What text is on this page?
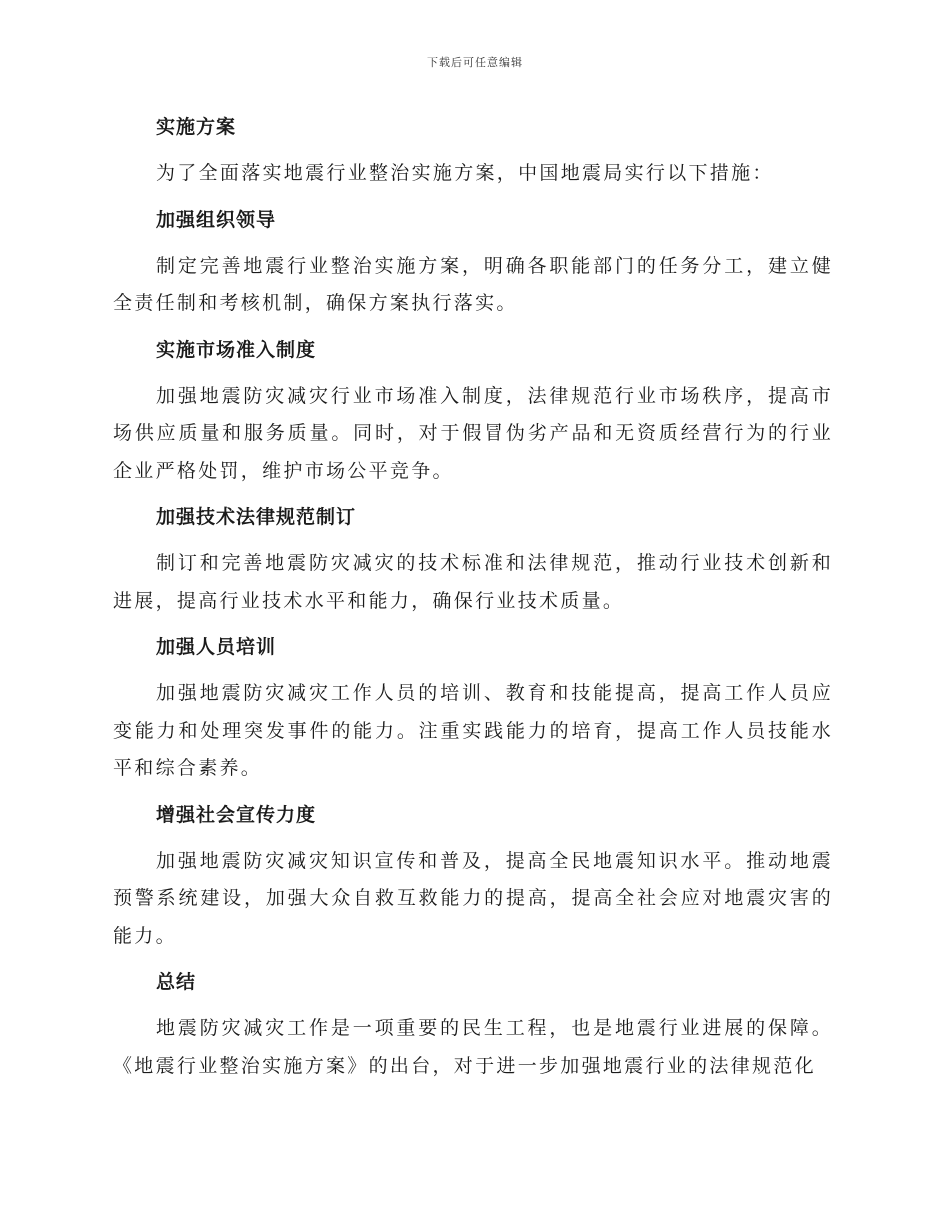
下载后可任意编辑
实施方案

为了全面落实地震行业整治实施方案，中国地震局实行以下措施：

加强组织领导

制定完善地震行业整治实施方案，明确各职能部门的任务分工，建立健全责任制和考核机制，确保方案执行落实。

实施市场准入制度

加强地震防灾减灾行业市场准入制度，法律规范行业市场秩序，提高市场供应质量和服务质量。同时，对于假冒伪劣产品和无资质经营行为的行业企业严格处罚，维护市场公平竞争。

加强技术法律规范制订

制订和完善地震防灾减灾的技术标准和法律规范，推动行业技术创新和进展，提高行业技术水平和能力，确保行业技术质量。

加强人员培训

加强地震防灾减灾工作人员的培训、教育和技能提高，提高工作人员应变能力和处理突发事件的能力。注重实践能力的培育，提高工作人员技能水平和综合素养。

增强社会宣传力度

加强地震防灾减灾知识宣传和普及，提高全民地震知识水平。推动地震预警系统建设，加强大众自救互救能力的提高，提高全社会应对地震灾害的能力。

总结

地震防灾减灾工作是一项重要的民生工程，也是地震行业进展的保障。《地震行业整治实施方案》的出台，对于进一步加强地震行业的法律规范化
